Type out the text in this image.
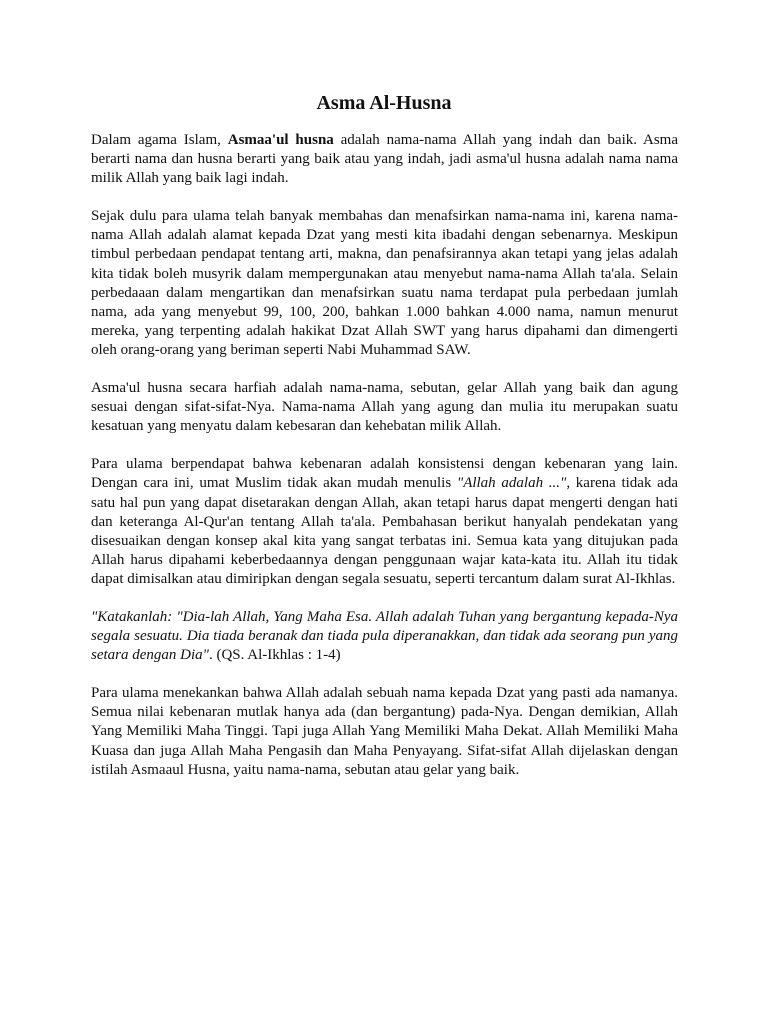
Asma Al-Husna

Dalam agama Islam, Asmaa'ul husna adalah nama-nama Allah yang indah dan baik. Asma berarti nama dan husna berarti yang baik atau yang indah, jadi asma'ul husna adalah nama nama milik Allah yang baik lagi indah.

Sejak dulu para ulama telah banyak membahas dan menafsirkan nama-nama ini, karena nama-nama Allah adalah alamat kepada Dzat yang mesti kita ibadahi dengan sebenarnya. Meskipun timbul perbedaan pendapat tentang arti, makna, dan penafsirannya akan tetapi yang jelas adalah kita tidak boleh musyrik dalam mempergunakan atau menyebut nama-nama Allah ta'ala. Selain perbedaaan dalam mengartikan dan menafsirkan suatu nama terdapat pula perbedaan jumlah nama, ada yang menyebut 99, 100, 200, bahkan 1.000 bahkan 4.000 nama, namun menurut mereka, yang terpenting adalah hakikat Dzat Allah SWT yang harus dipahami dan dimengerti oleh orang-orang yang beriman seperti Nabi Muhammad SAW.

Asma'ul husna secara harfiah adalah nama-nama, sebutan, gelar Allah yang baik dan agung sesuai dengan sifat-sifat-Nya. Nama-nama Allah yang agung dan mulia itu merupakan suatu kesatuan yang menyatu dalam kebesaran dan kehebatan milik Allah.

Para ulama berpendapat bahwa kebenaran adalah konsistensi dengan kebenaran yang lain. Dengan cara ini, umat Muslim tidak akan mudah menulis "Allah adalah ...", karena tidak ada satu hal pun yang dapat disetarakan dengan Allah, akan tetapi harus dapat mengerti dengan hati dan keteranga Al-Qur'an tentang Allah ta'ala. Pembahasan berikut hanyalah pendekatan yang disesuaikan dengan konsep akal kita yang sangat terbatas ini. Semua kata yang ditujukan pada Allah harus dipahami keberbedaannya dengan penggunaan wajar kata-kata itu. Allah itu tidak dapat dimisalkan atau dimiripkan dengan segala sesuatu, seperti tercantum dalam surat Al-Ikhlas.

"Katakanlah: "Dia-lah Allah, Yang Maha Esa. Allah adalah Tuhan yang bergantung kepada-Nya segala sesuatu. Dia tiada beranak dan tiada pula diperanakkan, dan tidak ada seorang pun yang setara dengan Dia". (QS. Al-Ikhlas : 1-4)

Para ulama menekankan bahwa Allah adalah sebuah nama kepada Dzat yang pasti ada namanya. Semua nilai kebenaran mutlak hanya ada (dan bergantung) pada-Nya. Dengan demikian, Allah Yang Memiliki Maha Tinggi. Tapi juga Allah Yang Memiliki Maha Dekat. Allah Memiliki Maha Kuasa dan juga Allah Maha Pengasih dan Maha Penyayang. Sifat-sifat Allah dijelaskan dengan istilah Asmaaul Husna, yaitu nama-nama, sebutan atau gelar yang baik.
